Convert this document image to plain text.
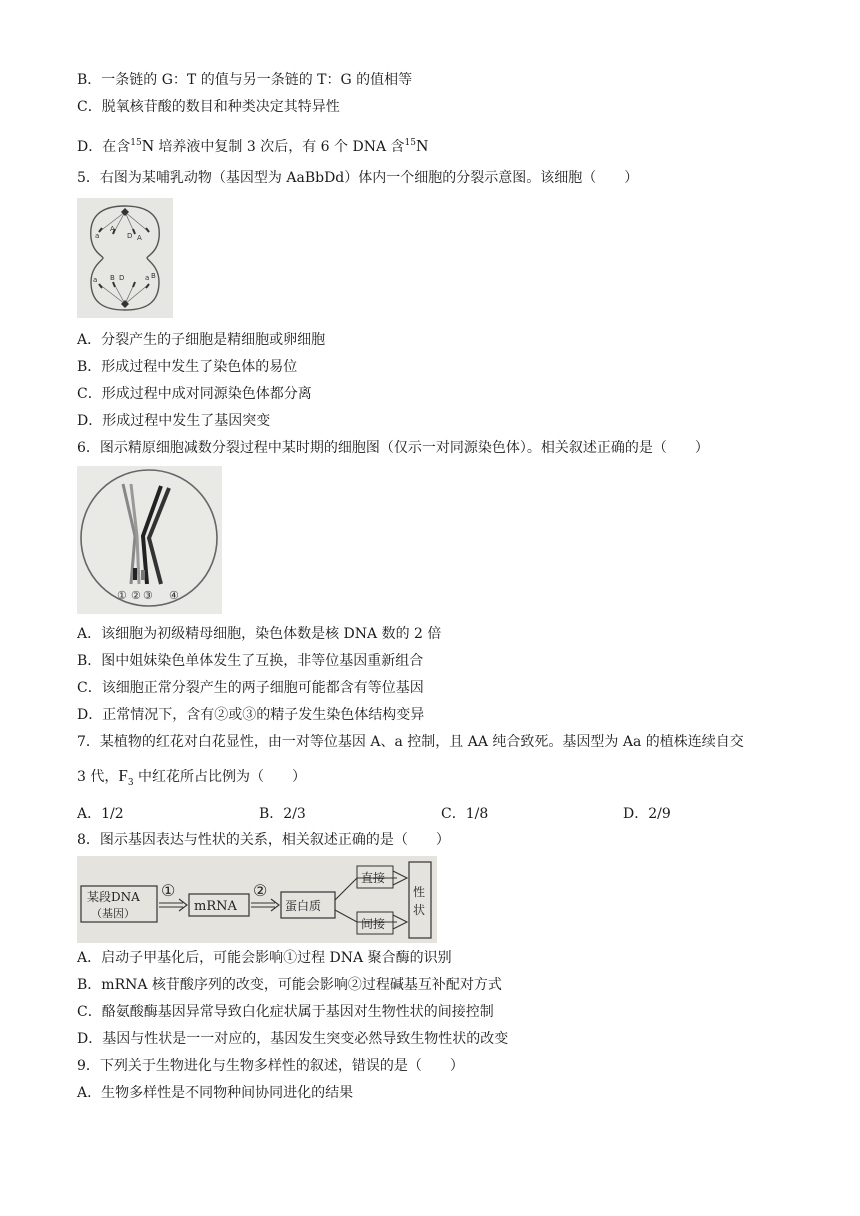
B．一条链的 G：T 的值与另一条链的 T：G 的值相等
C．脱氧核苷酸的数目和种类决定其特异性
D．在含$^{15}$N 培养液中复制 3 次后，有 6 个 DNA 含$^{15}$N
5．右图为某哺乳动物（基因型为 AaBbDd）体内一个细胞的分裂示意图。该细胞（　　）
A
a	D A
a B D	a B
A．分裂产生的子细胞是精细胞或卵细胞
B．形成过程中发生了染色体的易位
C．形成过程中成对同源染色体都分离
D．形成过程中发生了基因突变
6．图示精原细胞减数分裂过程中某时期的细胞图（仅示一对同源染色体）。相关叙述正确的是（　　）
① ② ③ ④
A．该细胞为初级精母细胞，染色体数是核 DNA 数的 2 倍
B．图中姐妹染色单体发生了互换，非等位基因重新组合
C．该细胞正常分裂产生的两子细胞可能都含有等位基因
D．正常情况下，含有②或③的精子发生染色体结构变异
7．某植物的红花对白花显性，由一对等位基因 A、a 控制，且 AA 纯合致死。基因型为 Aa 的植株连续自交
3 代，$F_3$ 中红花所占比例为（　　）
A．1/2	B．2/3	C．1/8	D．2/9
8．图示基因表达与性状的关系，相关叙述正确的是（　　）
某段DNA
（基因）
①
mRNA
②
蛋白质
直接
间接
性状
A．启动子甲基化后，可能会影响①过程 DNA 聚合酶的识别
B．mRNA 核苷酸序列的改变，可能会影响②过程碱基互补配对方式
C．酪氨酸酶基因异常导致白化症状属于基因对生物性状的间接控制
D．基因与性状是一一对应的，基因发生突变必然导致生物性状的改变
9．下列关于生物进化与生物多样性的叙述，错误的是（　　）
A．生物多样性是不同物种间协同进化的结果
